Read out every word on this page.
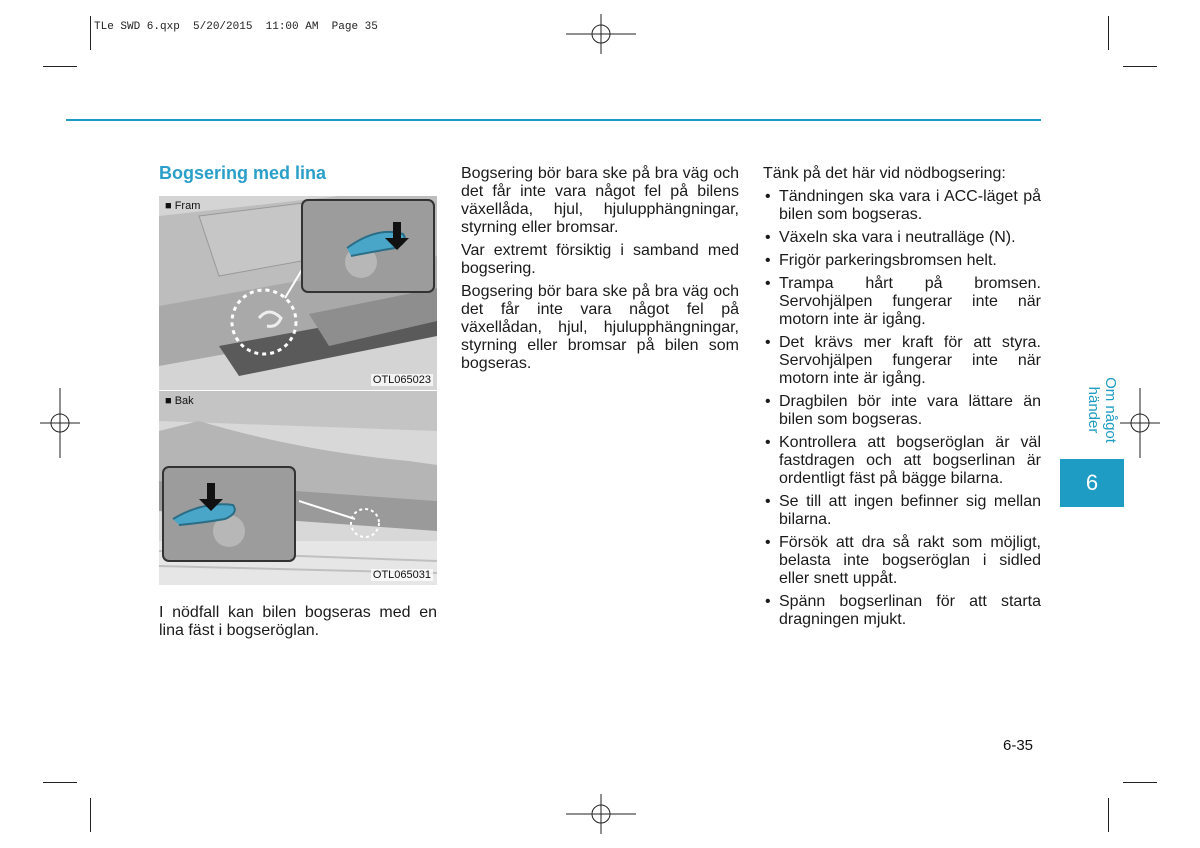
TLe SWD 6.qxp  5/20/2015  11:00 AM  Page 35
Bogsering med lina
■ Fram
OTL065023
■ Bak
OTL065031

I nödfall kan bilen bogseras med en lina fäst i bogseröglan.

Bogsering bör bara ske på bra väg och det får inte vara något fel på bilens växellåda, hjul, hjulupphängningar, styrning eller bromsar.

Var extremt försiktig i samband med bogsering.

Bogsering bör bara ske på bra väg och det får inte vara något fel på växellådan, hjul, hjulupphängningar, styrning eller bromsar på bilen som bogseras.

Tänk på det här vid nödbogsering:

• Tändningen ska vara i ACC-läget på bilen som bogseras.
• Växeln ska vara i neutralläge (N).
• Frigör parkeringsbromsen helt.
• Trampa hårt på bromsen. Servohjälpen fungerar inte när motorn inte är igång.
• Det krävs mer kraft för att styra. Servohjälpen fungerar inte när motorn inte är igång.
• Dragbilen bör inte vara lättare än bilen som bogseras.
• Kontrollera att bogseröglan är väl fastdragen och att bogserlinan är ordentligt fäst på bägge bilarna.
• Se till att ingen befinner sig mellan bilarna.
• Försök att dra så rakt som möjligt, belasta inte bogseröglan i sidled eller snett uppåt.
• Spänn bogserlinan för att starta dragningen mjukt.
Om något händer
6
6-35
